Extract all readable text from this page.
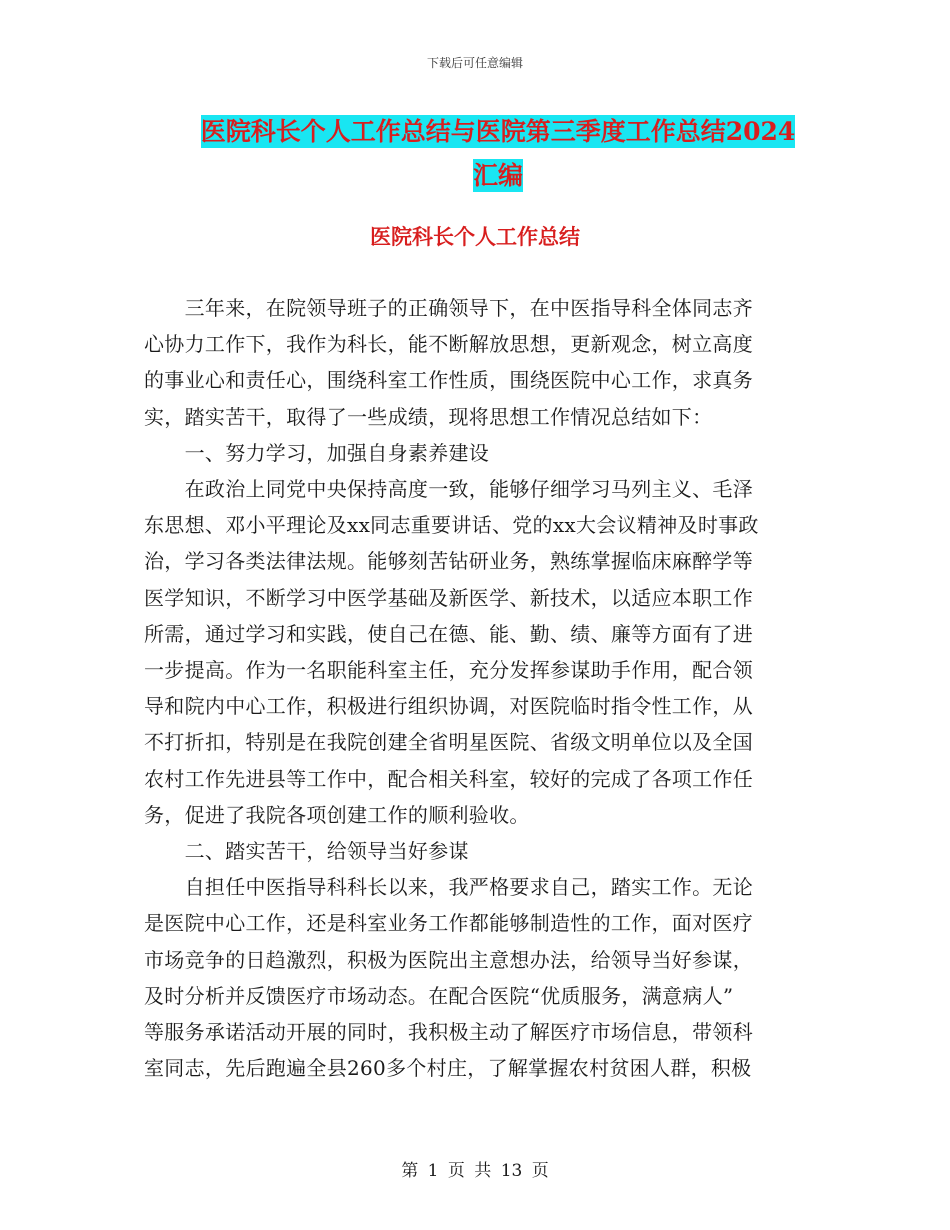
下载后可任意编辑
医院科长个人工作总结与医院第三季度工作总结2024
汇编
医院科长个人工作总结

　　三年来，在院领导班子的正确领导下，在中医指导科全体同志齐

心协力工作下，我作为科长，能不断解放思想，更新观念，树立高度

的事业心和责任心，围绕科室工作性质，围绕医院中心工作，求真务

实，踏实苦干，取得了一些成绩，现将思想工作情况总结如下：

　　一、努力学习，加强自身素养建设

　　在政治上同党中央保持高度一致，能够仔细学习马列主义、毛泽

东思想、邓小平理论及xx同志重要讲话、党的xx大会议精神及时事政

治，学习各类法律法规。能够刻苦钻研业务，熟练掌握临床麻醉学等

医学知识，不断学习中医学基础及新医学、新技术，以适应本职工作

所需，通过学习和实践，使自己在德、能、勤、绩、廉等方面有了进

一步提高。作为一名职能科室主任，充分发挥参谋助手作用，配合领

导和院内中心工作，积极进行组织协调，对医院临时指令性工作，从

不打折扣，特别是在我院创建全省明星医院、省级文明单位以及全国

农村工作先进县等工作中，配合相关科室，较好的完成了各项工作任

务，促进了我院各项创建工作的顺利验收。

　　二、踏实苦干，给领导当好参谋

　　自担任中医指导科科长以来，我严格要求自己，踏实工作。无论

是医院中心工作，还是科室业务工作都能够制造性的工作，面对医疗

市场竞争的日趋激烈，积极为医院出主意想办法，给领导当好参谋，

及时分析并反馈医疗市场动态。在配合医院“优质服务，满意病人”

等服务承诺活动开展的同时，我积极主动了解医疗市场信息，带领科

室同志，先后跑遍全县260多个村庄，了解掌握农村贫困人群，积极

第 1 页 共 13 页
